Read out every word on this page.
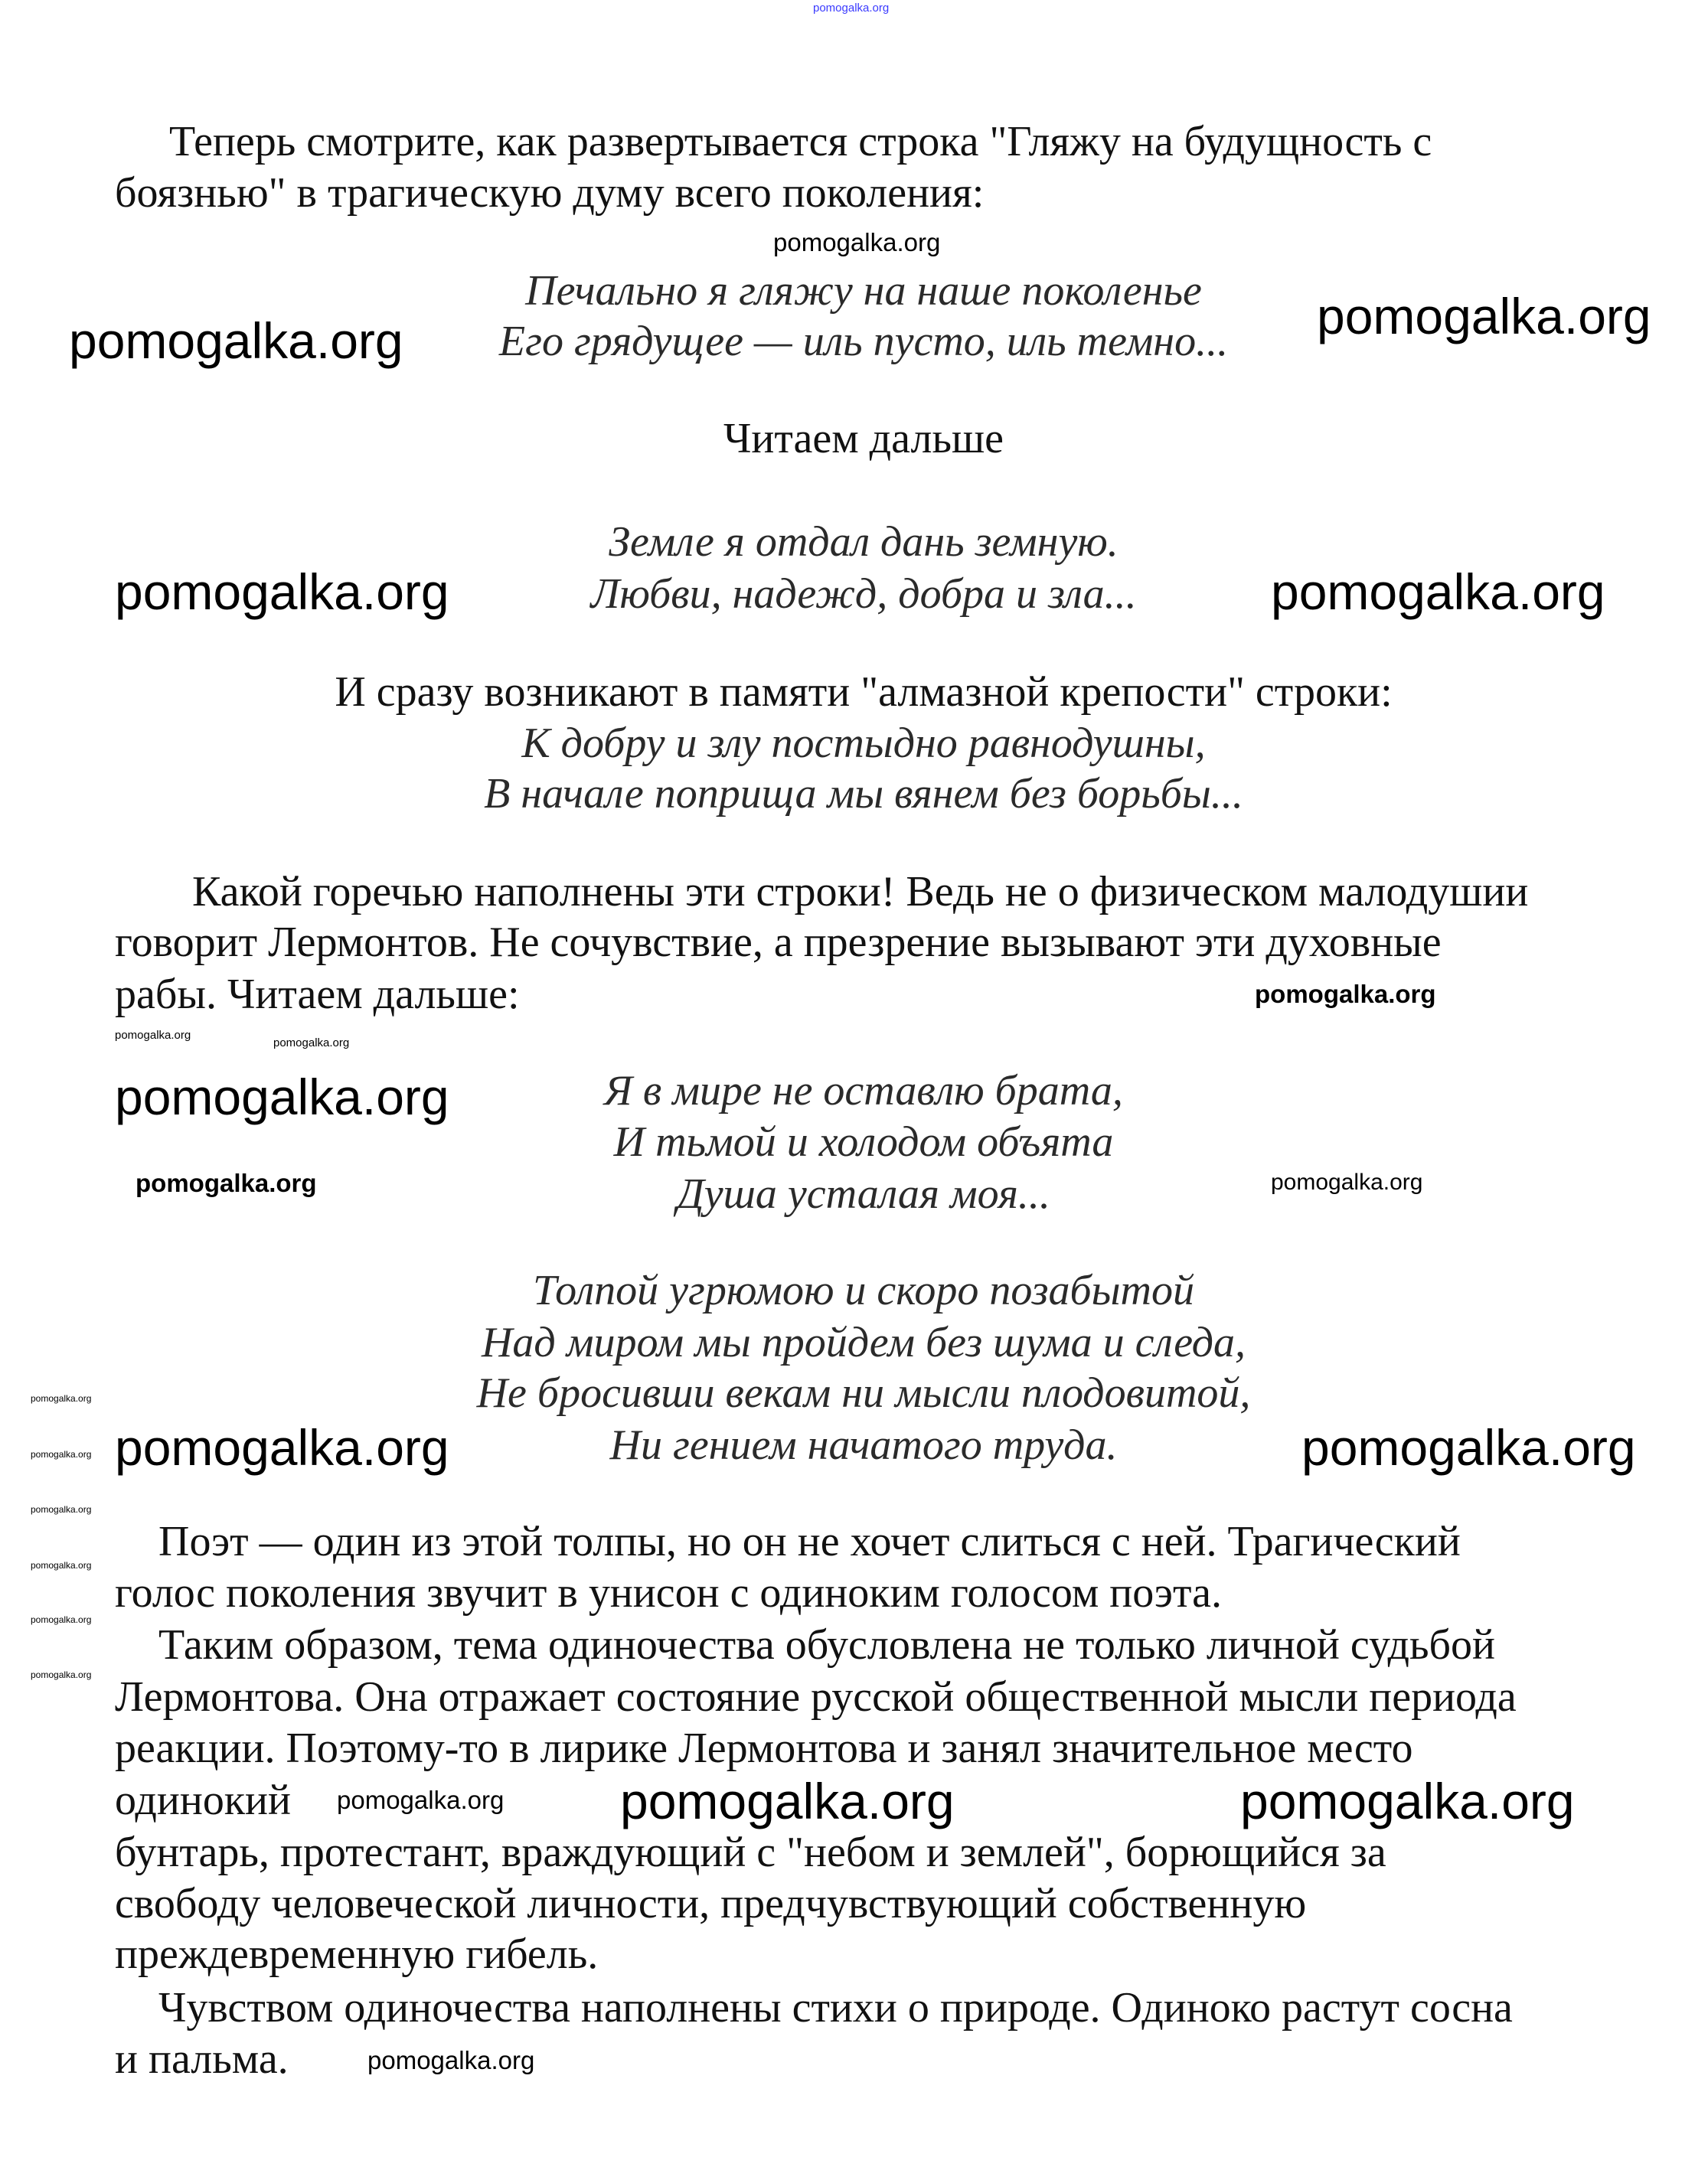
pomogalka.org
pomogalka.org
pomogalka.org	pomogalka.org
pomogalka.org	pomogalka.org
pomogalka.org
pomogalka.org
pomogalka.org
pomogalka.org
pomogalka.org	pomogalka.org
pomogalka.org
pomogalka.org
pomogalka.org
pomogalka.org
pomogalka.org
pomogalka.org
pomogalka.org	pomogalka.org
pomogalka.org	pomogalka.org
pomogalka.org
pomogalka.org
Теперь смотрите, как развертывается строка "Гляжу на будущность с
боязнью" в трагическую думу всего поколения:
Печально я гляжу на наше поколенье
Его грядущее — иль пусто, иль темно...
Читаем дальше
Земле я отдал дань земную.
Любви, надежд, добра и зла...
И сразу возникают в памяти "алмазной крепости" строки:
К добру и злу постыдно равнодушны,
В начале поприща мы вянем без борьбы...
Какой горечью наполнены эти строки! Ведь не о физическом малодушии
говорит Лермонтов. Не сочувствие, а презрение вызывают эти духовные
рабы. Читаем дальше:
Я в мире не оставлю брата,
И тьмой и холодом объята
Душа усталая моя...
Толпой угрюмою и скоро позабытой
Над миром мы пройдем без шума и следа,
Не бросивши векам ни мысли плодовитой,
Ни гением начатого труда.
Поэт — один из этой толпы, но он не хочет слиться с ней. Трагический
голос поколения звучит в унисон с одиноким голосом поэта.
Таким образом, тема одиночества обусловлена не только личной судьбой
Лермонтова. Она отражает состояние русской общественной мысли периода
реакции. Поэтому-то в лирике Лермонтова и занял значительное место
одинокий
бунтарь, протестант, враждующий с "небом и землей", борющийся за
свободу человеческой личности, предчувствующий собственную
преждевременную гибель.
Чувством одиночества наполнены стихи о природе. Одиноко растут сосна
и пальма.
